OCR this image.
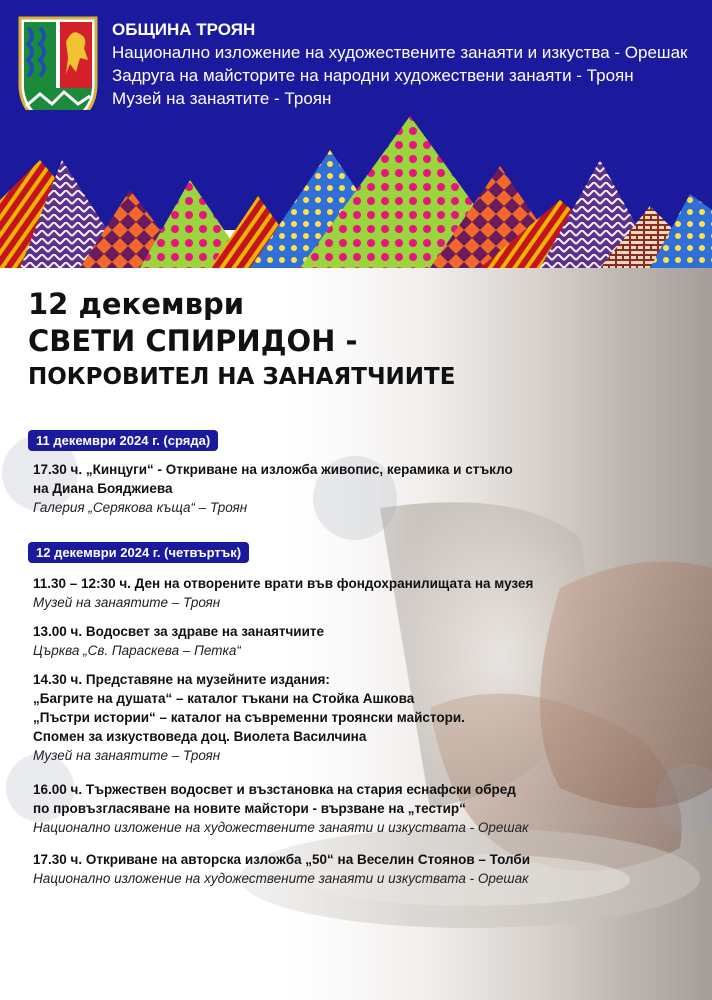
ОБЩИНА ТРОЯН
Национално изложение на художествените занаяти и изкуства - Орешак
Задруга на майсторите на народни художествени занаяти - Троян
Музей на занаятите - Троян
12 декември
СВЕТИ СПИРИДОН -
ПОКРОВИТЕЛ НА ЗАНАЯТЧИИТЕ
11 декември 2024 г. (сряда)
17.30 ч. „Кинцуги“ - Откриване на изложба живопис, керамика и стъкло
на Диана Бояджиева
Галерия „Серякова къща“ – Троян
12 декември 2024 г. (четвъртък)
11.30 – 12:30 ч. Ден на отворените врати във фондохранилищата на музея
Музей на занаятите – Троян
13.00 ч. Водосвет за здраве на занаятчиите
Църква „Св. Параскева – Петка“
14.30 ч. Представяне на музейните издания:
„Багрите на душата“ – каталог тъкани на Стойка Ашкова
„Пъстри истории“ – каталог на съвременни троянски майстори.
Спомен за изкуствоведа доц. Виолета Василчина
Музей на занаятите – Троян
16.00 ч. Тържествен водосвет и възстановка на стария еснафски обред
по провъзгласяване на новите майстори - вързване на „тестир“
Национално изложение на художествените занаяти и изкуствата - Орешак
17.30 ч. Откриване на авторска изложба „50“ на Веселин Стоянов – Толби
Национално изложение на художествените занаяти и изкуствата - Орешак
